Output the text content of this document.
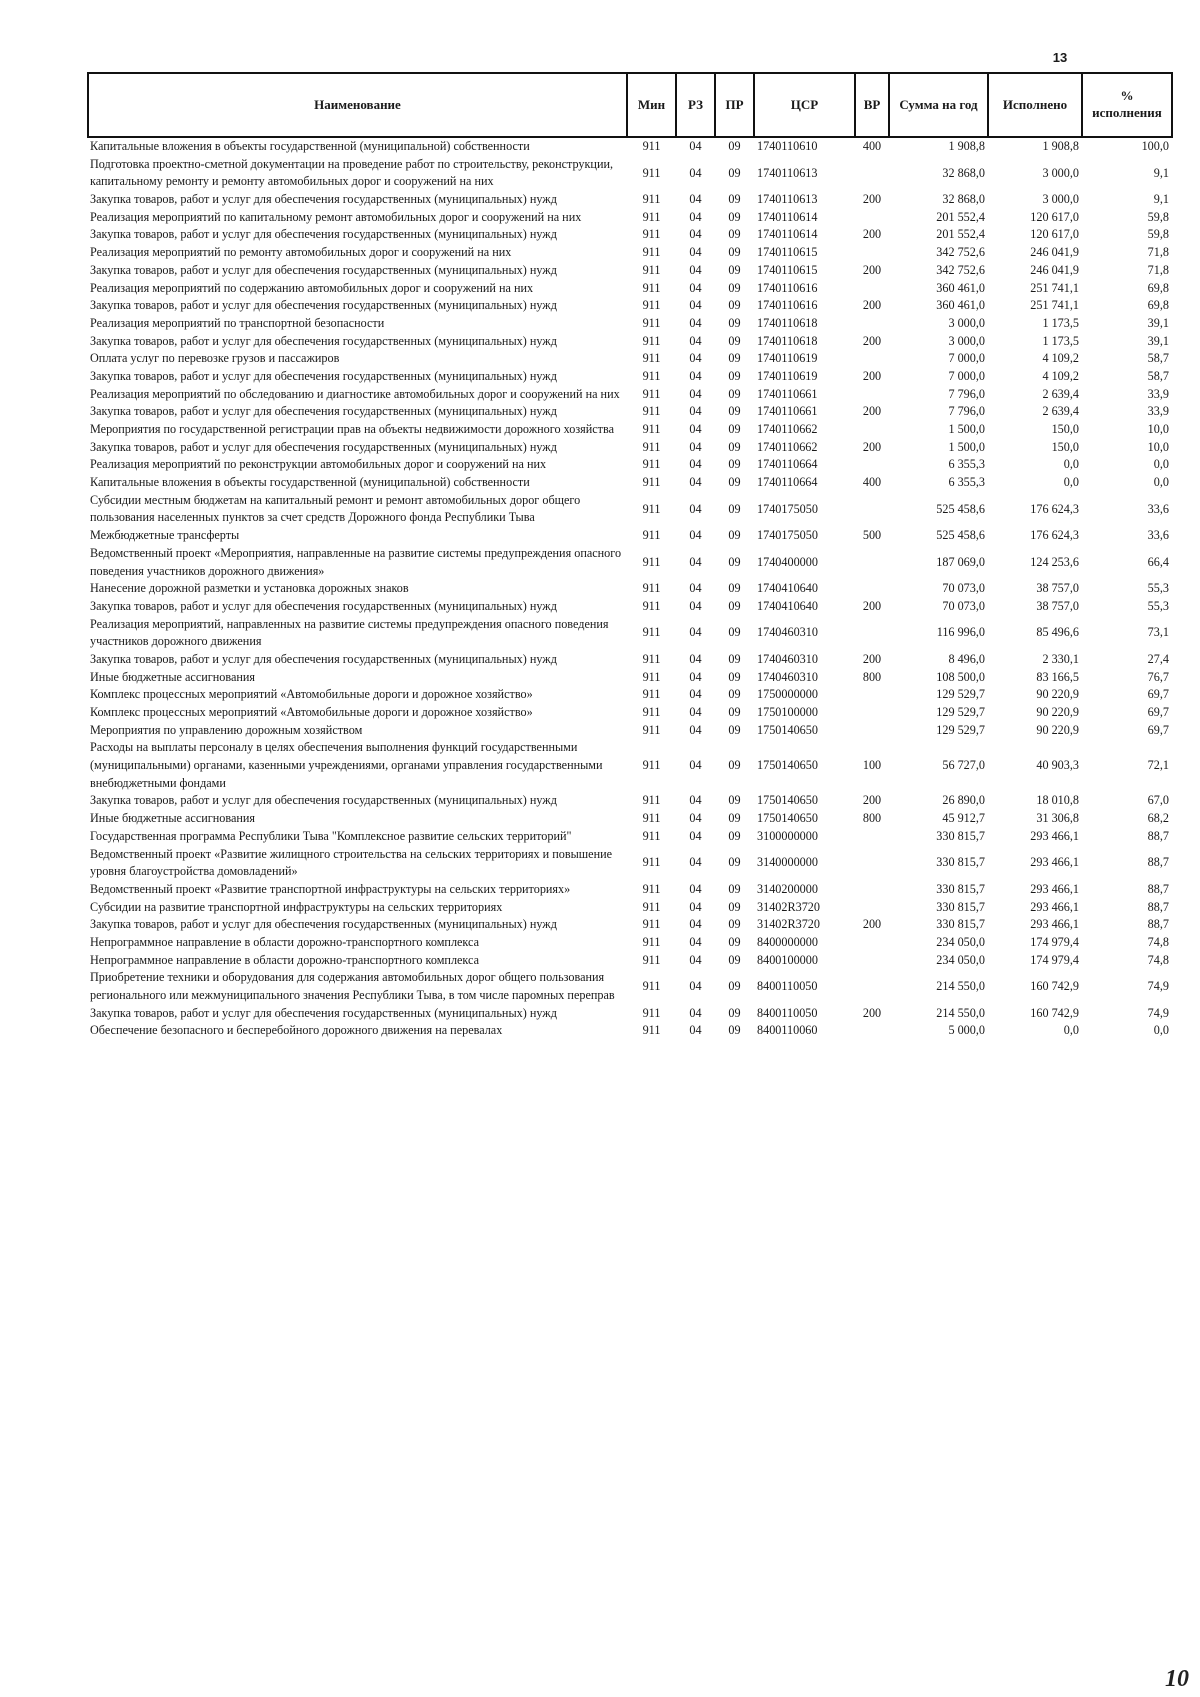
13
Наименование	Мин	РЗ	ПР	ЦСР	ВР	Сумма на год	Исполнено	% исполнения
Капитальные вложения в объекты государственной (муниципальной) собственности	911	04	09	1740110610	400	1 908,8	1 908,8	100,0
Подготовка проектно-сметной документации на проведение работ по строительству, реконструкции, капитальному ремонту и ремонту автомобильных дорог и сооружений на них	911	04	09	1740110613		32 868,0	3 000,0	9,1
Закупка товаров, работ и услуг для обеспечения государственных (муниципальных) нужд	911	04	09	1740110613	200	32 868,0	3 000,0	9,1
Реализация мероприятий по капитальному ремонт автомобильных дорог и сооружений на них	911	04	09	1740110614		201 552,4	120 617,0	59,8
Закупка товаров, работ и услуг для обеспечения государственных (муниципальных) нужд	911	04	09	1740110614	200	201 552,4	120 617,0	59,8
Реализация мероприятий по ремонту автомобильных дорог и сооружений на них	911	04	09	1740110615		342 752,6	246 041,9	71,8
Закупка товаров, работ и услуг для обеспечения государственных (муниципальных) нужд	911	04	09	1740110615	200	342 752,6	246 041,9	71,8
Реализация мероприятий по содержанию автомобильных дорог и сооружений на них	911	04	09	1740110616		360 461,0	251 741,1	69,8
Закупка товаров, работ и услуг для обеспечения государственных (муниципальных) нужд	911	04	09	1740110616	200	360 461,0	251 741,1	69,8
Реализация мероприятий по транспортной безопасности	911	04	09	1740110618		3 000,0	1 173,5	39,1
Закупка товаров, работ и услуг для обеспечения государственных (муниципальных) нужд	911	04	09	1740110618	200	3 000,0	1 173,5	39,1
Оплата услуг по перевозке грузов и пассажиров	911	04	09	1740110619		7 000,0	4 109,2	58,7
Закупка товаров, работ и услуг для обеспечения государственных (муниципальных) нужд	911	04	09	1740110619	200	7 000,0	4 109,2	58,7
Реализация мероприятий по обследованию и диагностике автомобильных дорог и сооружений на них	911	04	09	1740110661		7 796,0	2 639,4	33,9
Закупка товаров, работ и услуг для обеспечения государственных (муниципальных) нужд	911	04	09	1740110661	200	7 796,0	2 639,4	33,9
Мероприятия по государственной регистрации прав на объекты недвижимости дорожного хозяйства	911	04	09	1740110662		1 500,0	150,0	10,0
Закупка товаров, работ и услуг для обеспечения государственных (муниципальных) нужд	911	04	09	1740110662	200	1 500,0	150,0	10,0
Реализация мероприятий по реконструкции автомобильных дорог и сооружений на них	911	04	09	1740110664		6 355,3	0,0	0,0
Капитальные вложения в объекты государственной (муниципальной) собственности	911	04	09	1740110664	400	6 355,3	0,0	0,0
Субсидии местным бюджетам на капитальный ремонт и ремонт автомобильных дорог общего пользования населенных пунктов за счет средств Дорожного фонда Республики Тыва	911	04	09	1740175050		525 458,6	176 624,3	33,6
Межбюджетные трансферты	911	04	09	1740175050	500	525 458,6	176 624,3	33,6
Ведомственный проект «Мероприятия, направленные на развитие системы предупреждения опасного поведения участников дорожного движения»	911	04	09	1740400000		187 069,0	124 253,6	66,4
Нанесение дорожной разметки и установка дорожных знаков	911	04	09	1740410640		70 073,0	38 757,0	55,3
Закупка товаров, работ и услуг для обеспечения государственных (муниципальных) нужд	911	04	09	1740410640	200	70 073,0	38 757,0	55,3
Реализация мероприятий, направленных на развитие системы предупреждения опасного поведения участников дорожного движения	911	04	09	1740460310		116 996,0	85 496,6	73,1
Закупка товаров, работ и услуг для обеспечения государственных (муниципальных) нужд	911	04	09	1740460310	200	8 496,0	2 330,1	27,4
Иные бюджетные ассигнования	911	04	09	1740460310	800	108 500,0	83 166,5	76,7
Комплекс процессных мероприятий «Автомобильные дороги и дорожное хозяйство»	911	04	09	1750000000		129 529,7	90 220,9	69,7
Комплекс процессных мероприятий «Автомобильные дороги и дорожное хозяйство»	911	04	09	1750100000		129 529,7	90 220,9	69,7
Мероприятия по управлению дорожным хозяйством	911	04	09	1750140650		129 529,7	90 220,9	69,7
Расходы на выплаты персоналу в целях обеспечения выполнения функций государственными (муниципальными) органами, казенными учреждениями, органами управления государственными внебюджетными фондами	911	04	09	1750140650	100	56 727,0	40 903,3	72,1
Закупка товаров, работ и услуг для обеспечения государственных (муниципальных) нужд	911	04	09	1750140650	200	26 890,0	18 010,8	67,0
Иные бюджетные ассигнования	911	04	09	1750140650	800	45 912,7	31 306,8	68,2
Государственная программа Республики Тыва "Комплексное развитие сельских территорий"	911	04	09	3100000000		330 815,7	293 466,1	88,7
Ведомственный проект «Развитие жилищного строительства на сельских территориях и повышение уровня благоустройства домовладений»	911	04	09	3140000000		330 815,7	293 466,1	88,7
Ведомственный проект «Развитие транспортной инфраструктуры на сельских территориях»	911	04	09	3140200000		330 815,7	293 466,1	88,7
Субсидии на развитие транспортной инфраструктуры на сельских территориях	911	04	09	31402R3720		330 815,7	293 466,1	88,7
Закупка товаров, работ и услуг для обеспечения государственных (муниципальных) нужд	911	04	09	31402R3720	200	330 815,7	293 466,1	88,7
Непрограммное направление в области дорожно-транспортного комплекса	911	04	09	8400000000		234 050,0	174 979,4	74,8
Непрограммное направление в области дорожно-транспортного комплекса	911	04	09	8400100000		234 050,0	174 979,4	74,8
Приобретение техники и оборудования для содержания автомобильных дорог общего пользования регионального или межмуниципального значения Республики Тыва, в том числе паромных переправ	911	04	09	8400110050		214 550,0	160 742,9	74,9
Закупка товаров, работ и услуг для обеспечения государственных (муниципальных) нужд	911	04	09	8400110050	200	214 550,0	160 742,9	74,9
Обеспечение безопасного и бесперебойного дорожного движения на перевалах	911	04	09	8400110060		5 000,0	0,0	0,0
10
